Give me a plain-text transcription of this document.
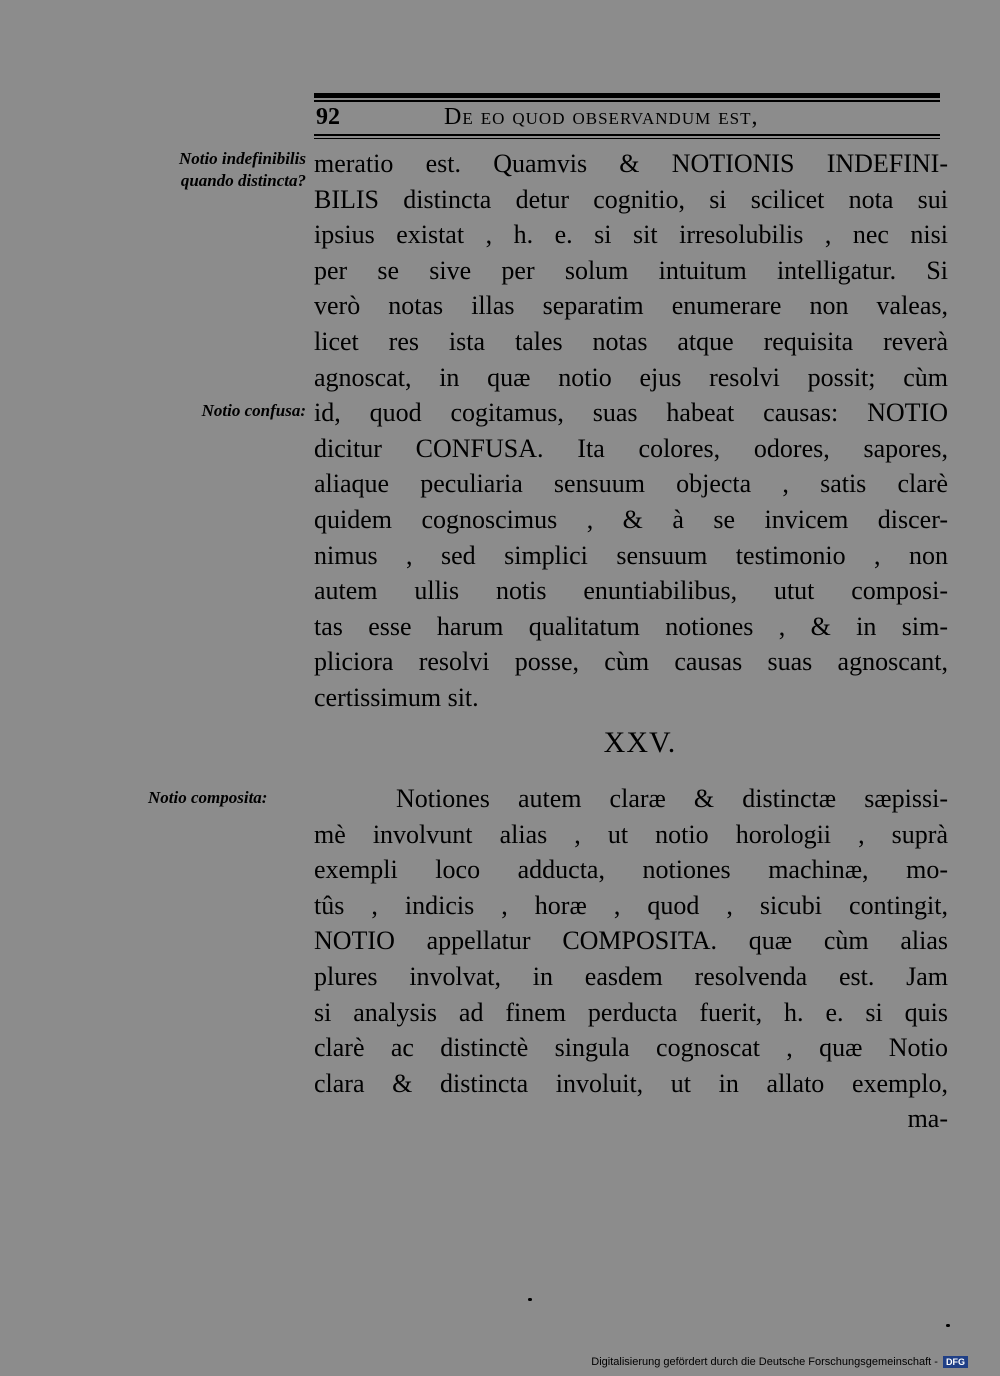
92	De eo quod observandum est,
Notio indefinibilis
quando distincta?
Notio confusa:
Notio composita:
meratio est. Quamvis & NOTIONIS INDEFINI-
BILIS distincta detur cognitio, si scilicet nota sui
ipsius existat , h. e. si sit irresolubilis , nec nisi
per se sive per solum intuitum intelligatur. Si
verò notas illas separatim enumerare non valeas,
licet res ista tales notas atque requisita reverà
agnoscat, in quæ notio ejus resolvi possit; cùm
id, quod cogitamus, suas habeat causas: NOTIO
dicitur CONFUSA. Ita colores, odores, sapores,
aliaque peculiaria sensuum objecta , satis clarè
quidem cognoscimus , & à se invicem discer-
nimus , sed simplici sensuum testimonio , non
autem ullis notis enuntiabilibus, utut composi-
tas esse harum qualitatum notiones , & in sim-
pliciora resolvi posse, cùm causas suas agnoscant,
certissimum sit.
XXV.
Notiones autem claræ & distinctæ sæpissi-
mè involvunt alias , ut notio horologii , suprà
exempli loco adducta, notiones machinæ, mo-
tûs , indicis , horæ , quod , sicubi contingit,
NOTIO appellatur COMPOSITA. quæ cùm alias
plures involvat, in easdem resolvenda est. Jam
si analysis ad finem perducta fuerit, h. e. si quis
clarè ac distinctè singula cognoscat , quæ Notio
clara & distincta involuit, ut in allato exemplo,
ma-
Digitalisierung gefördert durch die Deutsche Forschungsgemeinschaft - DFG
